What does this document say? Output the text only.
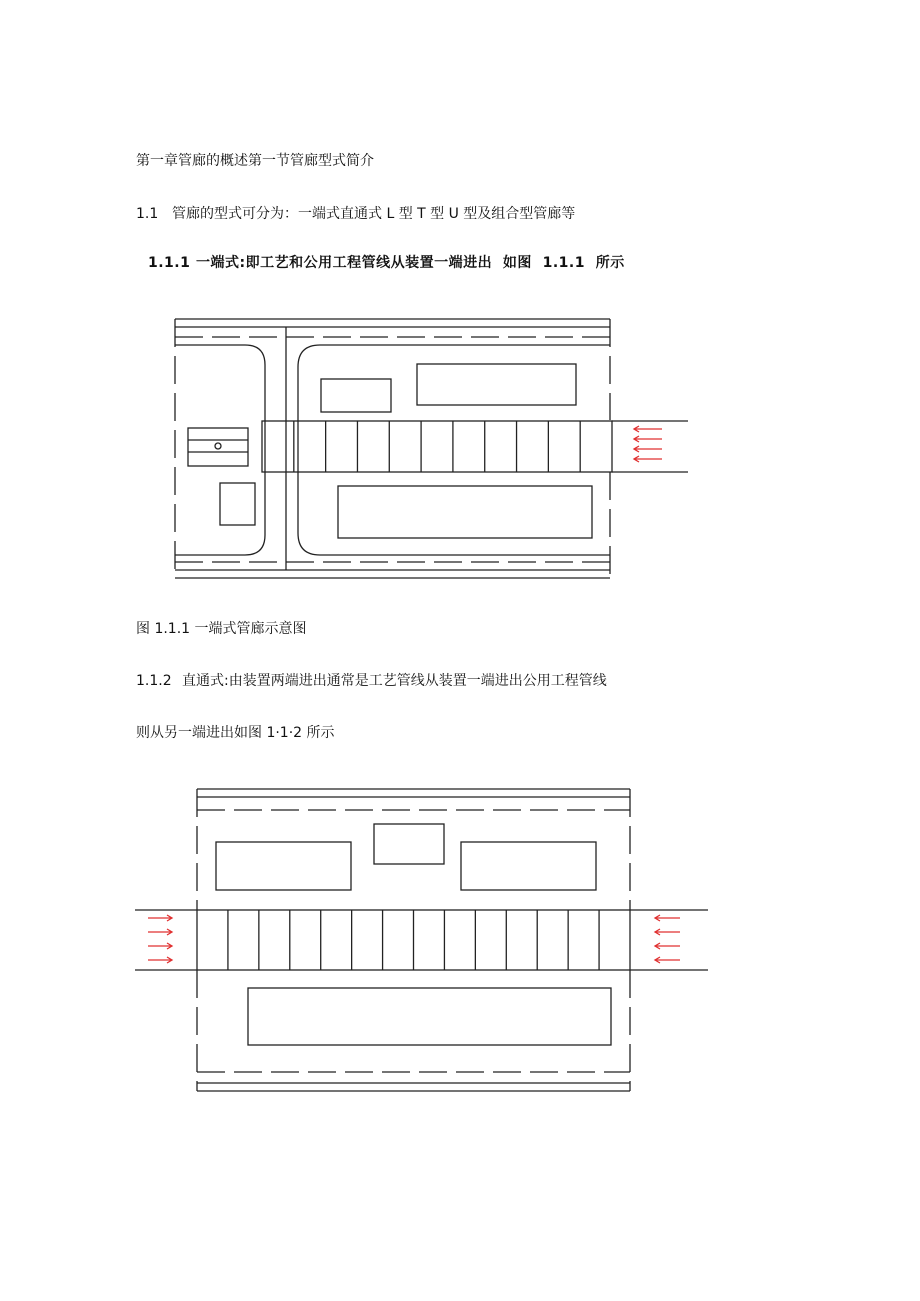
第一章管廊的概述第一节管廊型式简介
1.1 管廊的型式可分为：一端式直通式 L 型 T 型 U 型及组合型管廊等
1.1.1 一端式:即工艺和公用工程管线从装置一端进出  如图  1.1.1  所示
图 1.1.1 一端式管廊示意图
1.1.2 直通式:由装置两端进出通常是工艺管线从装置一端进出公用工程管线
则从另一端进出如图 1·1·2 所示
